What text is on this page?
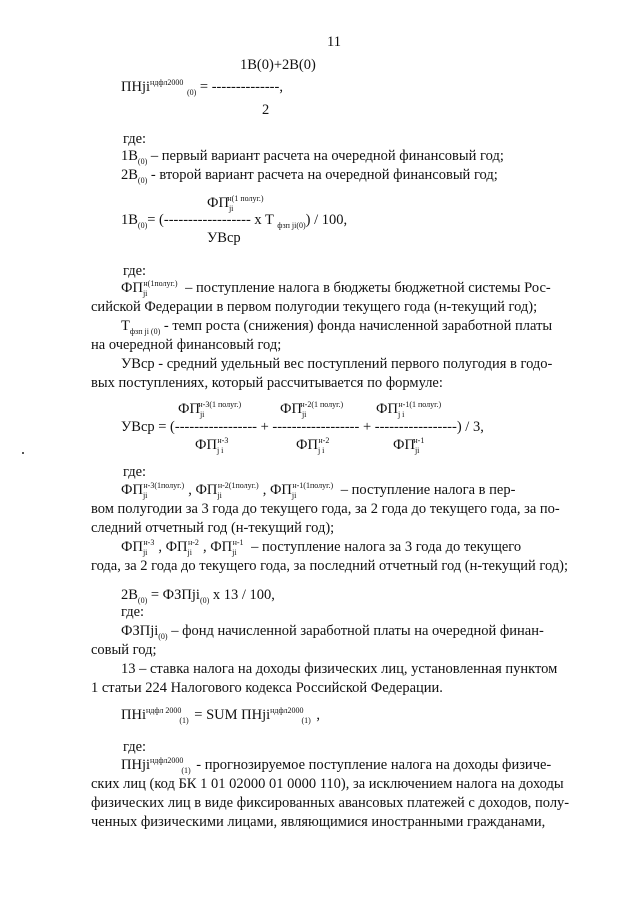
11
1B(0)+2B(0)
ПНji$^{ндфл2000}$ $_{(0)}$ = --------------,
2
где:
$1B_{(0)}$ – первый вариант расчета на очередной финансовый год;
$2B_{(0)}$ - второй вариант расчета на очередной финансовый год;
$ФП_{ji}^{н(1 полуг.)}$
$1B_{(0)}=$ (------------------ x T $_{фзп ji(0)}$) / 100,
УВср
где:
$ФП_{ji}^{н(1полуг.)}$ – поступление налога в бюджеты бюджетной системы Рос-
сийской Федерации в первом полугодии текущего года (н-текущий год);
$T_{фзп ji (0)}$ - темп роста (снижения) фонда начисленной заработной платы
на очередной финансовый год;
УВср - средний удельный вес поступлений первого полугодия в годо-
вых поступлениях, который рассчитывается по формуле:
$ФП_{ji}^{н-3(1 полуг.)}$	$ФП_{ji}^{н-2(1 полуг.)}$	$ФП_{j i}^{н-1(1 полуг.)}$
УВср = (----------------- + ------------------ + -----------------) / 3,
$ФП_{j i}^{н-3}$	$ФП_{j i}^{н-2}$	$ФП_{ji}^{н-1}$
где:
$ФП_{ji}^{н-3(1полуг.)}$ , $ФП_{ji}^{н-2(1полуг.)}$ , $ФП_{ji}^{н-1(1полуг.)}$ – поступление налога в пер-
вом полугодии за 3 года до текущего года, за 2 года до текущего года, за по-
следний отчетный год (н-текущий год);
$ФП_{ji}^{н-3}$ , $ФП_{ji}^{н-2}$ , $ФП_{ji}^{н-1}$ – поступление налога за 3 года до текущего
года, за 2 года до текущего года, за последний отчетный год (н-текущий год);
$2B_{(0)}$ = ФЗПji$_{(0)}$ x 13 / 100,
где:
ФЗПji$_{(0)}$ – фонд начисленной заработной платы на очередной финан-
совый год;
13 – ставка налога на доходы физических лиц, установленная пунктом
1 статьи 224 Налогового кодекса Российской Федерации.
ПНi$^{ндфл 2000}_{(1)}$ = SUM ПНji$^{ндфл2000}_{(1)}$ ,
где:
ПНji$^{ндфл2000}_{(1)}$ - прогнозируемое поступление налога на доходы физиче-
ских лиц (код БК 1 01 02000 01 0000 110), за исключением налога на доходы
физических лиц в виде фиксированных авансовых платежей с доходов, полу-
ченных физическими лицами, являющимися иностранными гражданами,
